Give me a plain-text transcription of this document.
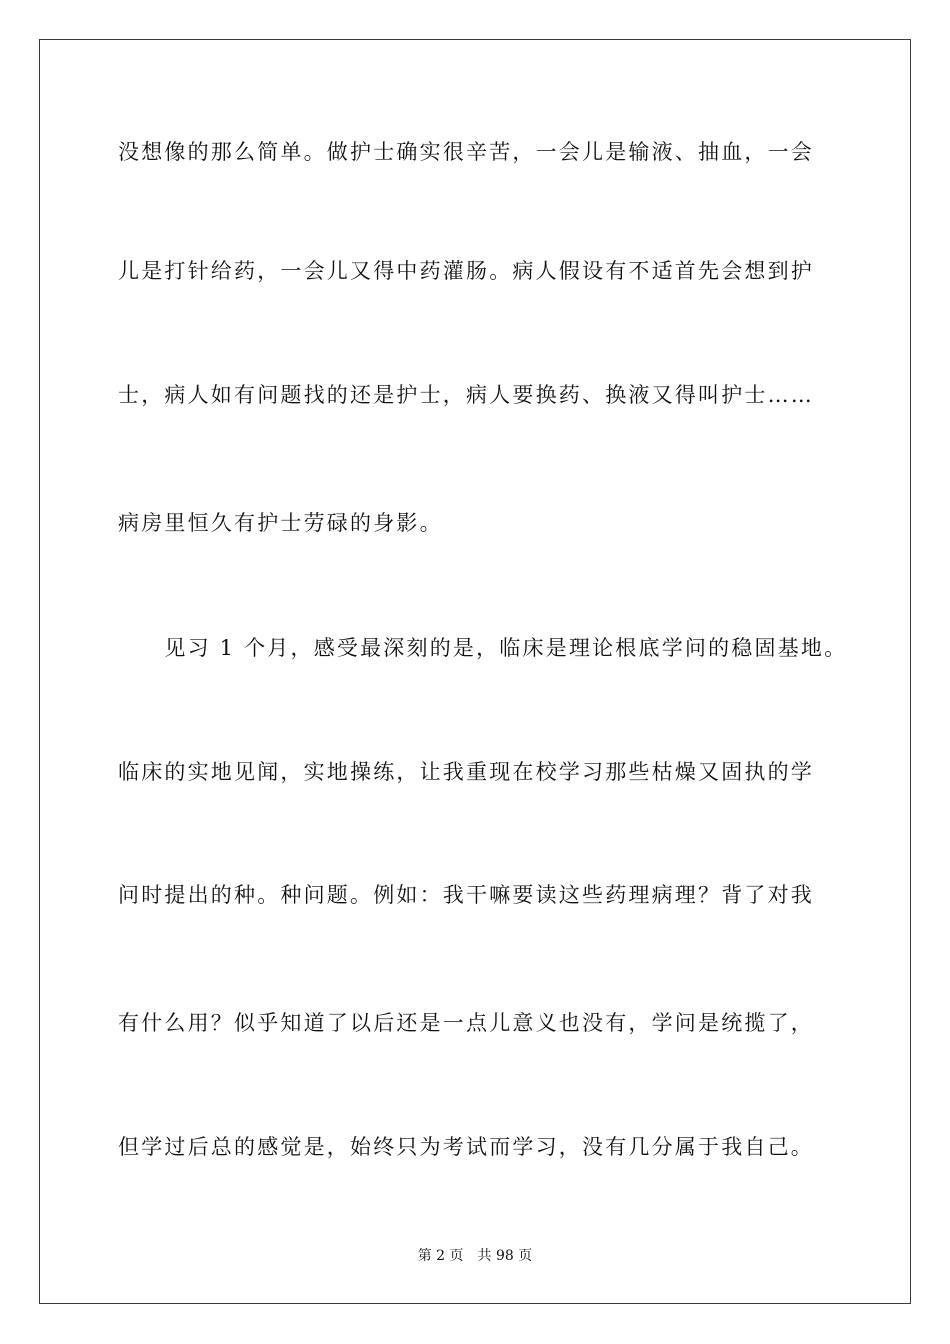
没想像的那么简单。做护士确实很辛苦，一会儿是输液、抽血，一会
儿是打针给药，一会儿又得中药灌肠。病人假设有不适首先会想到护
士，病人如有问题找的还是护士，病人要换药、换液又得叫护士……
病房里恒久有护士劳碌的身影。
　　见习 1 个月，感受最深刻的是，临床是理论根底学问的稳固基地。
临床的实地见闻，实地操练，让我重现在校学习那些枯燥又固执的学
问时提出的种。种问题。例如：我干嘛要读这些药理病理？背了对我
有什么用？似乎知道了以后还是一点儿意义也没有，学问是统揽了，
但学过后总的感觉是，始终只为考试而学习，没有几分属于我自己。
第 2 页　共 98 页
